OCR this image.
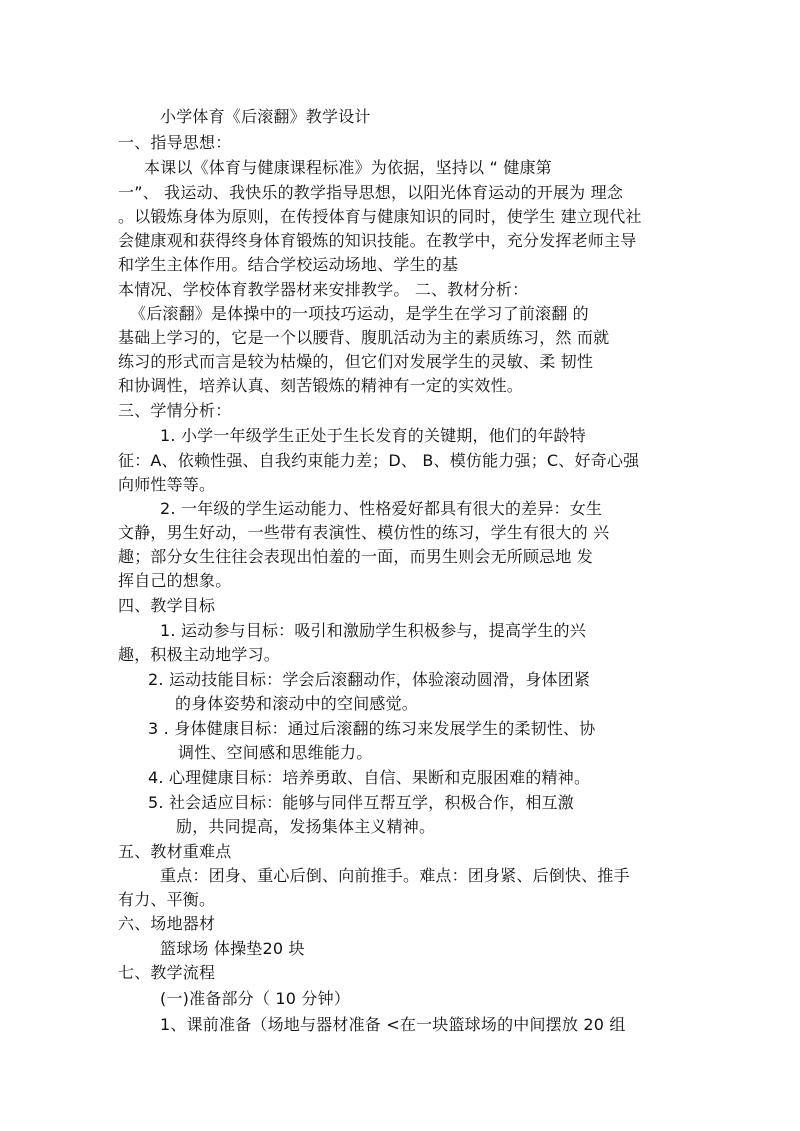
小学体育《后滚翻》教学设计
一、指导思想：
本课以《体育与健康课程标准》为依据，坚持以 “ 健康第
一”、 我运动、我快乐的教学指导思想，以阳光体育运动的开展为 理念
。以锻炼身体为原则，在传授体育与健康知识的同时，使学生 建立现代社
会健康观和获得终身体育锻炼的知识技能。在教学中，充分发挥老师主导
和学生主体作用。结合学校运动场地、学生的基
本情况、学校体育教学器材来安排教学。 二、教材分析：
《后滚翻》是体操中的一项技巧运动，是学生在学习了前滚翻 的
基础上学习的，它是一个以腰背、腹肌活动为主的素质练习，然 而就
练习的形式而言是较为枯燥的，但它们对发展学生的灵敏、柔 韧性
和协调性，培养认真、刻苦锻炼的精神有一定的实效性。
三、学情分析：
1. 小学一年级学生正处于生长发育的关键期，他们的年龄特
征：A、依赖性强、自我约束能力差；D、 B、模仿能力强；C、好奇心强
向师性等等。
2. 一年级的学生运动能力、性格爱好都具有很大的差异：女生
文静，男生好动，一些带有表演性、模仿性的练习，学生有很大的 兴
趣；部分女生往往会表现出怕羞的一面，而男生则会无所顾忌地 发
挥自己的想象。
四、教学目标
1. 运动参与目标：吸引和激励学生积极参与，提高学生的兴
趣，积极主动地学习。
2. 运动技能目标：学会后滚翻动作，体验滚动圆滑，身体团紧
的身体姿势和滚动中的空间感觉。
3 . 身体健康目标：通过后滚翻的练习来发展学生的柔韧性、协
调性、空间感和思维能力。
4. 心理健康目标：培养勇敢、自信、果断和克服困难的精神。
5. 社会适应目标：能够与同伴互帮互学，积极合作，相互激
励，共同提高，发扬集体主义精神。
五、教材重难点
重点：团身、重心后倒、向前推手。难点：团身紧、后倒快、推手
有力、平衡。
六、场地器材
篮球场 体操垫20 块
七、教学流程
(一)准备部分（ 10 分钟）
1、课前准备（场地与器材准备 <在一块篮球场的中间摆放 20 组
